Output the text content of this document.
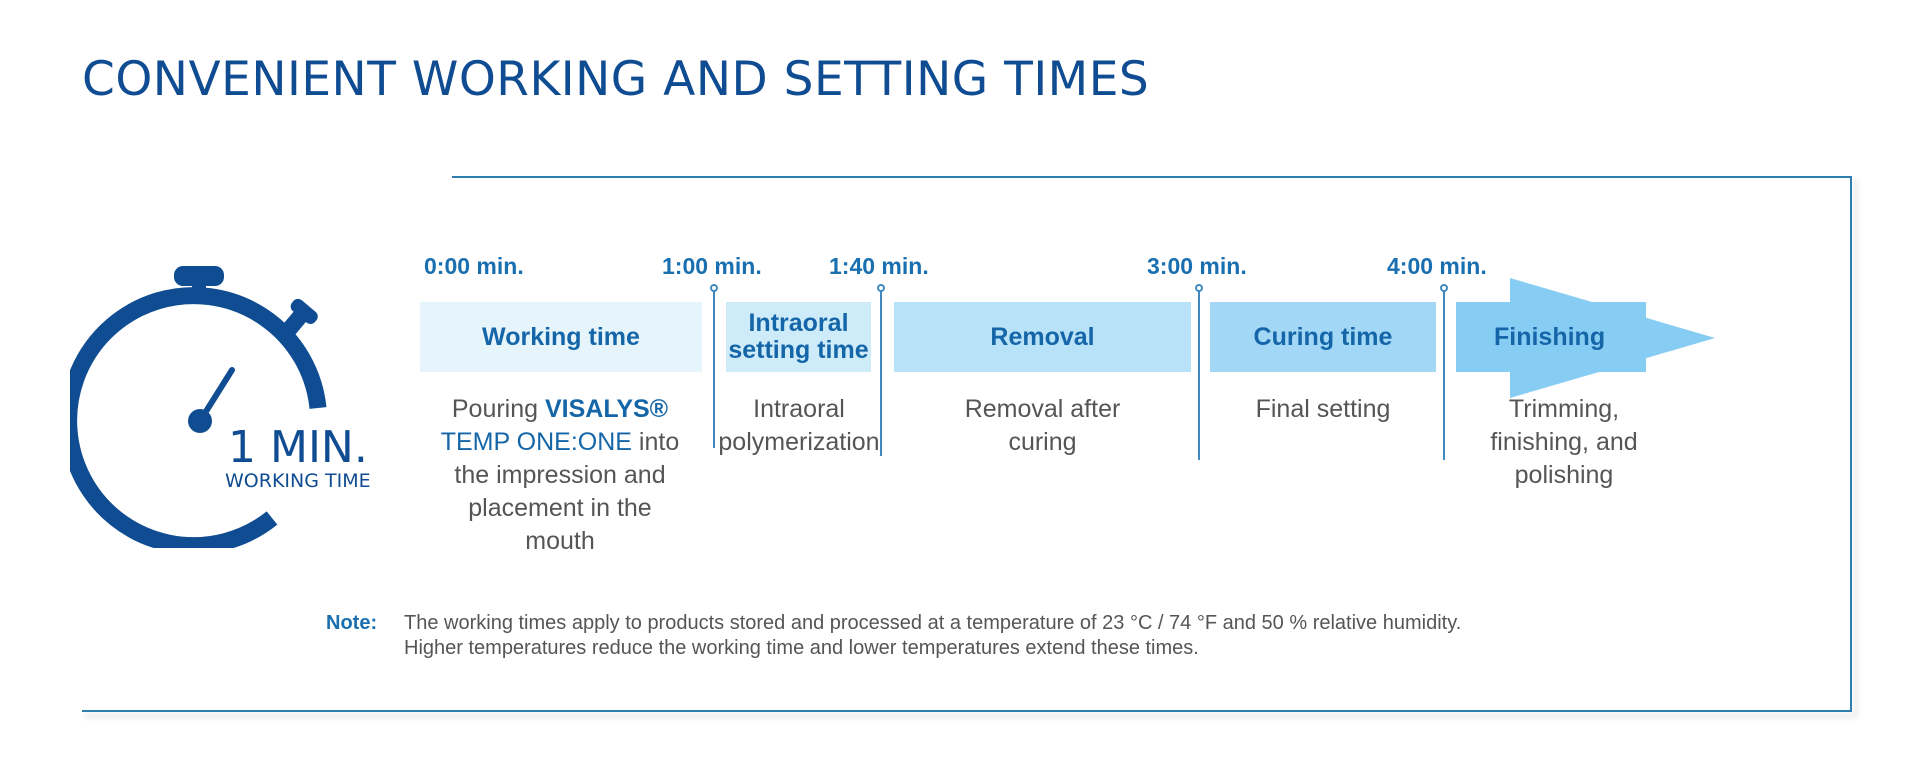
CONVENIENT WORKING AND SETTING TIMES
1 MIN.
WORKING TIME
0:00 min.	1:00 min.	1:40 min.	3:00 min.	4:00 min.
Working time	Intraoral
setting time	Removal	Curing time	Finishing
Pouring VISALYS® TEMP ONE:ONE into the impression and placement in the mouth
Intraoral polymerization
Removal after curing
Final setting	Trimming, finishing, and polishing
Note: The working times apply to products stored and processed at a temperature of 23 °C / 74 °F and 50 % relative humidity.
Higher temperatures reduce the working time and lower temperatures extend these times.
